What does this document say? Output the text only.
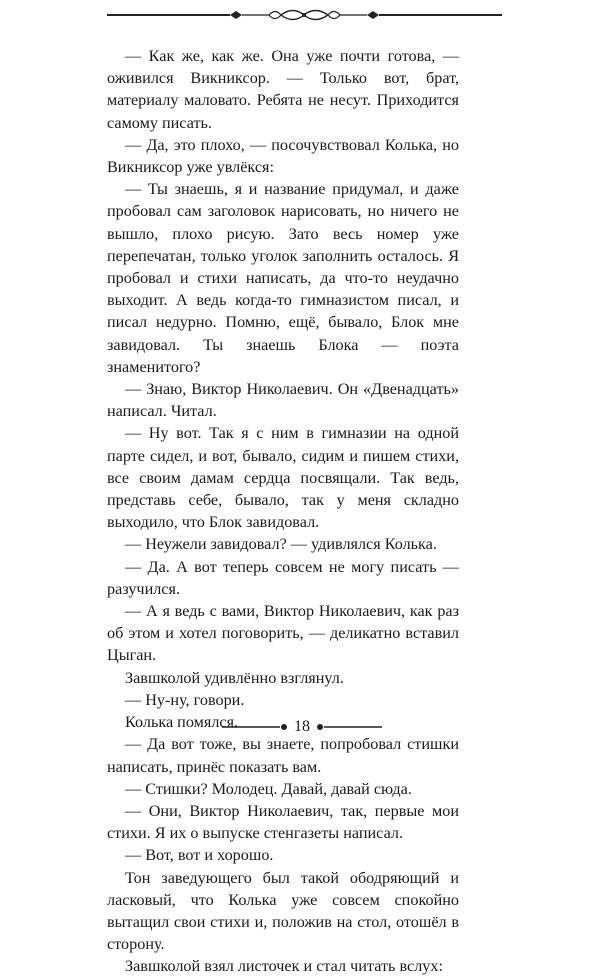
— Как же, как же. Она уже почти готова, — оживился Викниксор. — Только вот, брат, материалу маловато. Ребята не несут. Приходится самому писать.

— Да, это плохо, — посочувствовал Колька, но Викниксор уже увлёкся:

— Ты знаешь, я и название придумал, и даже пробовал сам заголовок нарисовать, но ничего не вышло, плохо рисую. Зато весь номер уже перепечатан, только уголок заполнить осталось. Я пробовал и стихи написать, да что-то неудачно выходит. А ведь когда-то гимназистом писал, и писал недурно. Помню, ещё, бывало, Блок мне завидовал. Ты знаешь Блока — поэта знаменитого?

— Знаю, Виктор Николаевич. Он «Двенадцать» написал. Читал.

— Ну вот. Так я с ним в гимназии на одной парте сидел, и вот, бывало, сидим и пишем стихи, все своим дамам сердца посвящали. Так ведь, представь себе, бывало, так у меня складно выходило, что Блок завидовал.

— Неужели завидовал? — удивлялся Колька.

— Да. А вот теперь совсем не могу писать — разучился.

— А я ведь с вами, Виктор Николаевич, как раз об этом и хотел поговорить, — деликатно вставил Цыган.

Завшколой удивлённо взглянул.

— Ну-ну, говори.

Колька помялся.

— Да вот тоже, вы знаете, попробовал стишки написать, принёс показать вам.

— Стишки? Молодец. Давай, давай сюда.

— Они, Виктор Николаевич, так, первые мои стихи. Я их о выпуске стенгазеты написал.

— Вот, вот и хорошо.

Тон заведующего был такой ободряющий и ласковый, что Колька уже совсем спокойно вытащил свои стихи и, положив на стол, отошёл в сторону.

Завшколой взял листочек и стал читать вслух:

18
